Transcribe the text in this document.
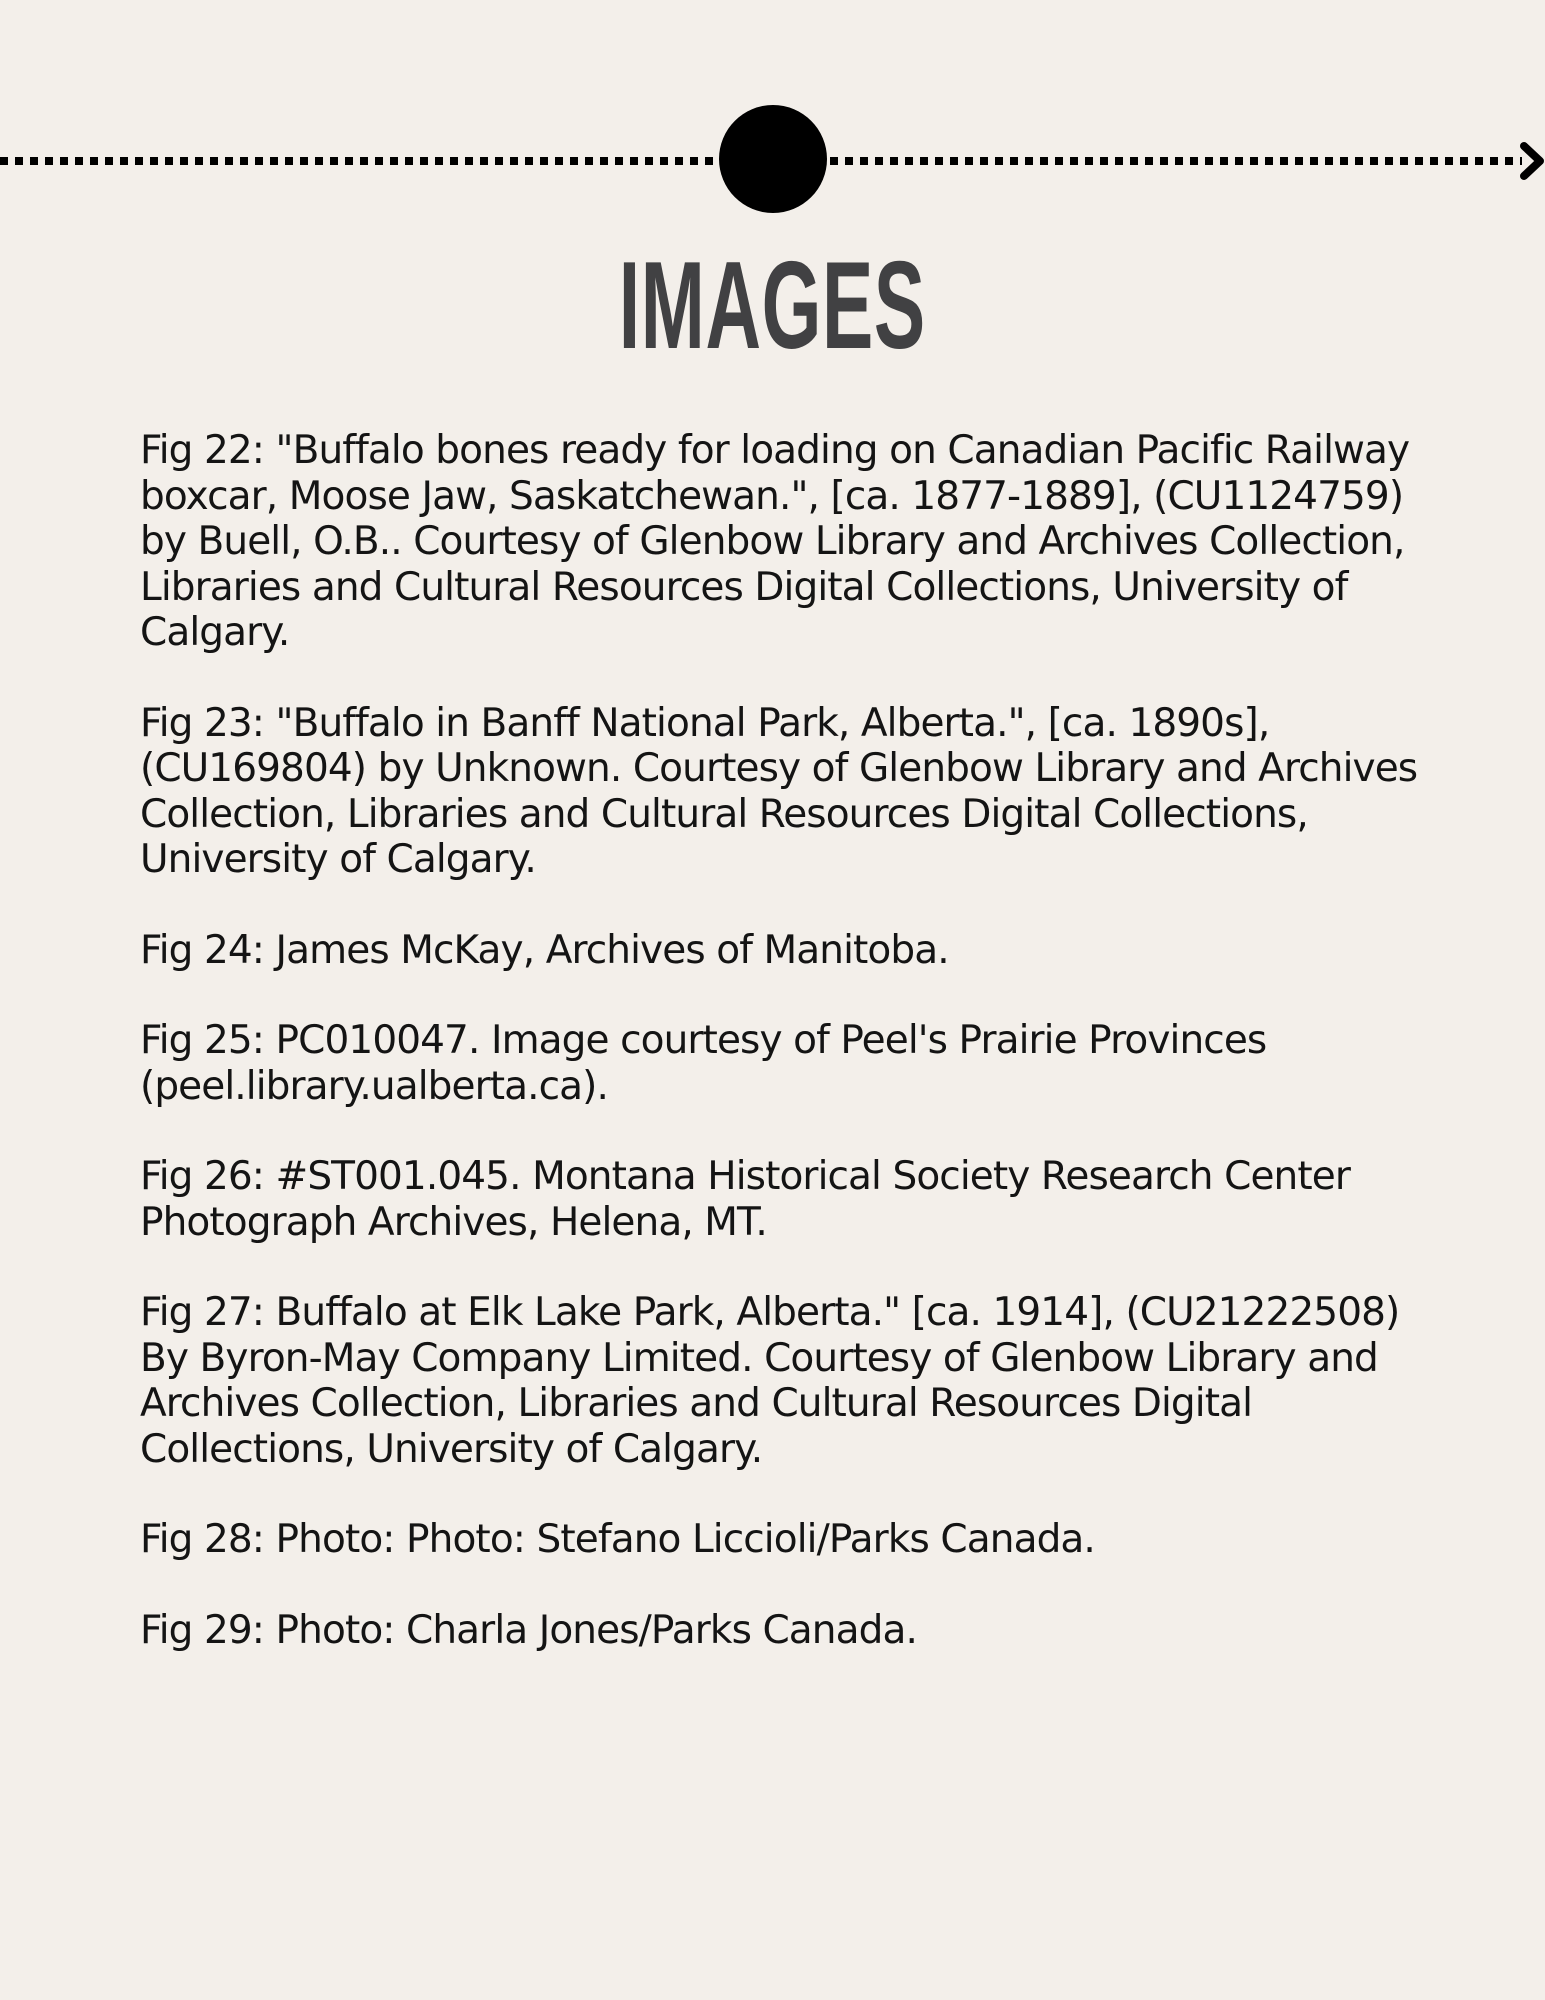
IMAGES

Fig 22: "Buffalo bones ready for loading on Canadian Pacific Railway boxcar, Moose Jaw, Saskatchewan.", [ca. 1877-1889], (CU1124759) by Buell, O.B.. Courtesy of Glenbow Library and Archives Collection, Libraries and Cultural Resources Digital Collections, University of Calgary.

Fig 23: "Buffalo in Banff National Park, Alberta.", [ca. 1890s], (CU169804) by Unknown. Courtesy of Glenbow Library and Archives Collection, Libraries and Cultural Resources Digital Collections, University of Calgary.

Fig 24: James McKay, Archives of Manitoba.

Fig 25: PC010047. Image courtesy of Peel's Prairie Provinces (peel.library.ualberta.ca).

Fig 26: #ST001.045. Montana Historical Society Research Center Photograph Archives, Helena, MT.

Fig 27: Buffalo at Elk Lake Park, Alberta." [ca. 1914], (CU21222508) By Byron-May Company Limited. Courtesy of Glenbow Library and Archives Collection, Libraries and Cultural Resources Digital Collections, University of Calgary.

Fig 28: Photo: Photo: Stefano Liccioli/Parks Canada.

Fig 29: Photo: Charla Jones/Parks Canada.
